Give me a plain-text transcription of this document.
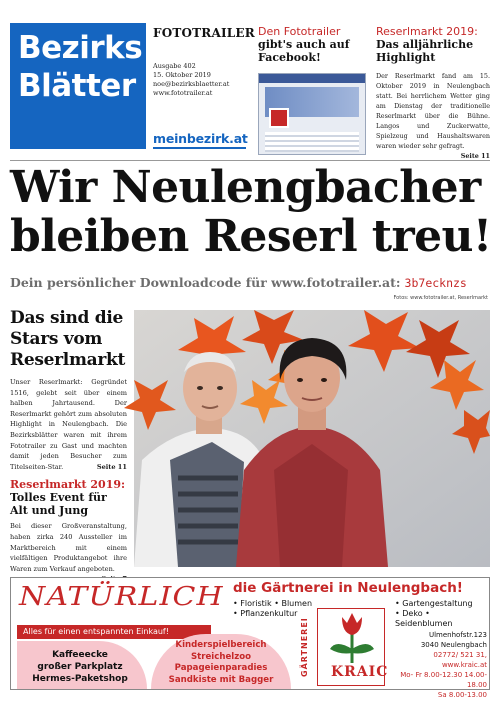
Bezirks
Blätter
FOTOTRAILER
Ausgabe 402
15. Oktober 2019
noe@bezirksblaetter.at
www.fototrailer.at
meinbezirk.at
Den Fototrailer
gibt's auch auf Facebook!
Reserlmarkt 2019:
Das alljährliche Highlight
Der Reserlmarkt fand am 15. Oktober 2019 in Neulengbach statt. Bei herrlichem Wetter ging am Dienstag der traditionelle Reserlmarkt über die Bühne. Langos und Zuckerwatte, Spielzeug und Haushaltswaren waren wieder sehr gefragt.
Seite 11
Wir Neulengbacher
bleiben Reserl treu!
Dein persönlicher Downloadcode für www.fototrailer.at: 3b7ecknzs
Fotos: www.fototrailer.at, Reserlmarkt
Das sind die Stars vom Reserlmarkt
Unser Reserlmarkt: Gegründet 1516, gelebt seit über einem halben Jahrtausend. Der Reserlmarkt gehört zum absoluten Highlight in Neulengbach. Die Bezirksblätter waren mit ihrem Fototrailer zu Gast und machten damit jeden Besucher zum Titelseiten-Star.	Seite 11
Reserlmarkt 2019:
Tolles Event für Alt und Jung
Bei dieser Großveranstaltung, haben zirka 240 Aussteller im Marktbereich mit einem vielfältigen Produktangebot ihre Waren zum Verkauf angeboten.
NATÜRLICH die Gärtnerei in Neulengbach!
• Floristik • Blumen
• Pflanzenkultur
• Gartengestaltung
• Deko • Seidenblumen
Alles für einen entspannten Einkauf!
Kaffeeecke
großer Parkplatz
Hermes-Paketshop
Kinderspielbereich
Streichelzoo
Papageienparadies
Sandkiste mit Bagger
GÄRTNEREI	KRAIC
Ulmenhofstr.123
3040 Neulengbach
02772/ 521 31, www.kraic.at
Mo- Fr 8.00-12.30 14.00-18.00
Sa 8.00-13.00
